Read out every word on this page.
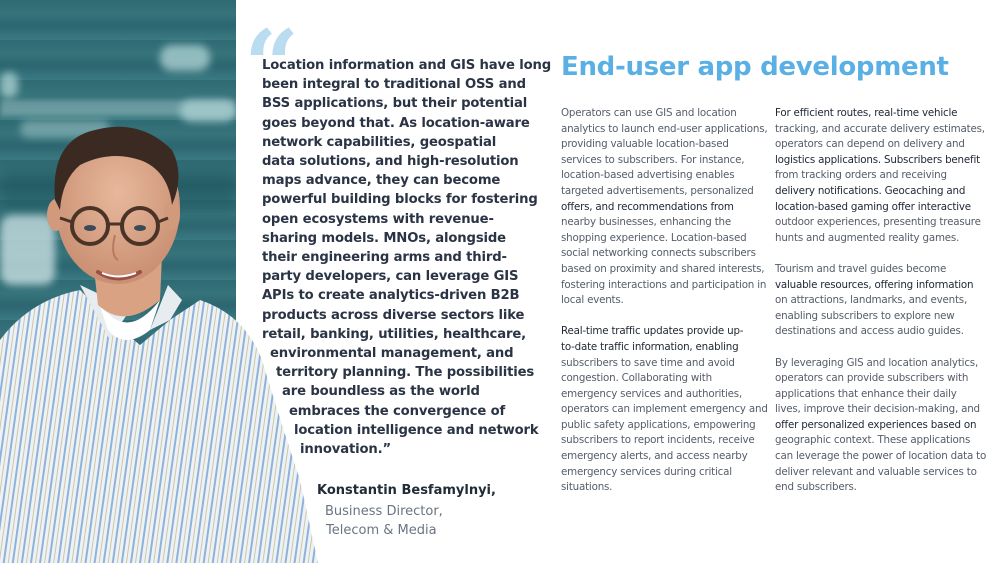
“
Location information and GIS have long
been integral to traditional OSS and
BSS applications, but their potential
goes beyond that. As location-aware
network capabilities, geospatial
data solutions, and high-resolution
maps advance, they can become
powerful building blocks for fostering
open ecosystems with revenue-
sharing models. MNOs, alongside
their engineering arms and third-
party developers, can leverage GIS
APIs to create analytics-driven B2B
products across diverse sectors like
retail, banking, utilities, healthcare,
environmental management, and
territory planning. The possibilities
are boundless as the world
embraces the convergence of
location intelligence and network
innovation.”
Konstantin Besfamylnyi,
Business Director,
Telecom & Media
End-user app development
Operators can use GIS and location
analytics to launch end-user applications,
providing valuable location-based
services to subscribers. For instance,
location-based advertising enables
targeted advertisements, personalized
offers, and recommendations from
nearby businesses, enhancing the
shopping experience. Location-based
social networking connects subscribers
based on proximity and shared interests,
fostering interactions and participation in
local events.
Real-time traffic updates provide up-
to-date traffic information, enabling
subscribers to save time and avoid
congestion. Collaborating with
emergency services and authorities,
operators can implement emergency and
public safety applications, empowering
subscribers to report incidents, receive
emergency alerts, and access nearby
emergency services during critical
situations.
For efficient routes, real-time vehicle
tracking, and accurate delivery estimates,
operators can depend on delivery and
logistics applications. Subscribers benefit
from tracking orders and receiving
delivery notifications. Geocaching and
location-based gaming offer interactive
outdoor experiences, presenting treasure
hunts and augmented reality games.
Tourism and travel guides become
valuable resources, offering information
on attractions, landmarks, and events,
enabling subscribers to explore new
destinations and access audio guides.
By leveraging GIS and location analytics,
operators can provide subscribers with
applications that enhance their daily
lives, improve their decision-making, and
offer personalized experiences based on
geographic context. These applications
can leverage the power of location data to
deliver relevant and valuable services to
end subscribers.
